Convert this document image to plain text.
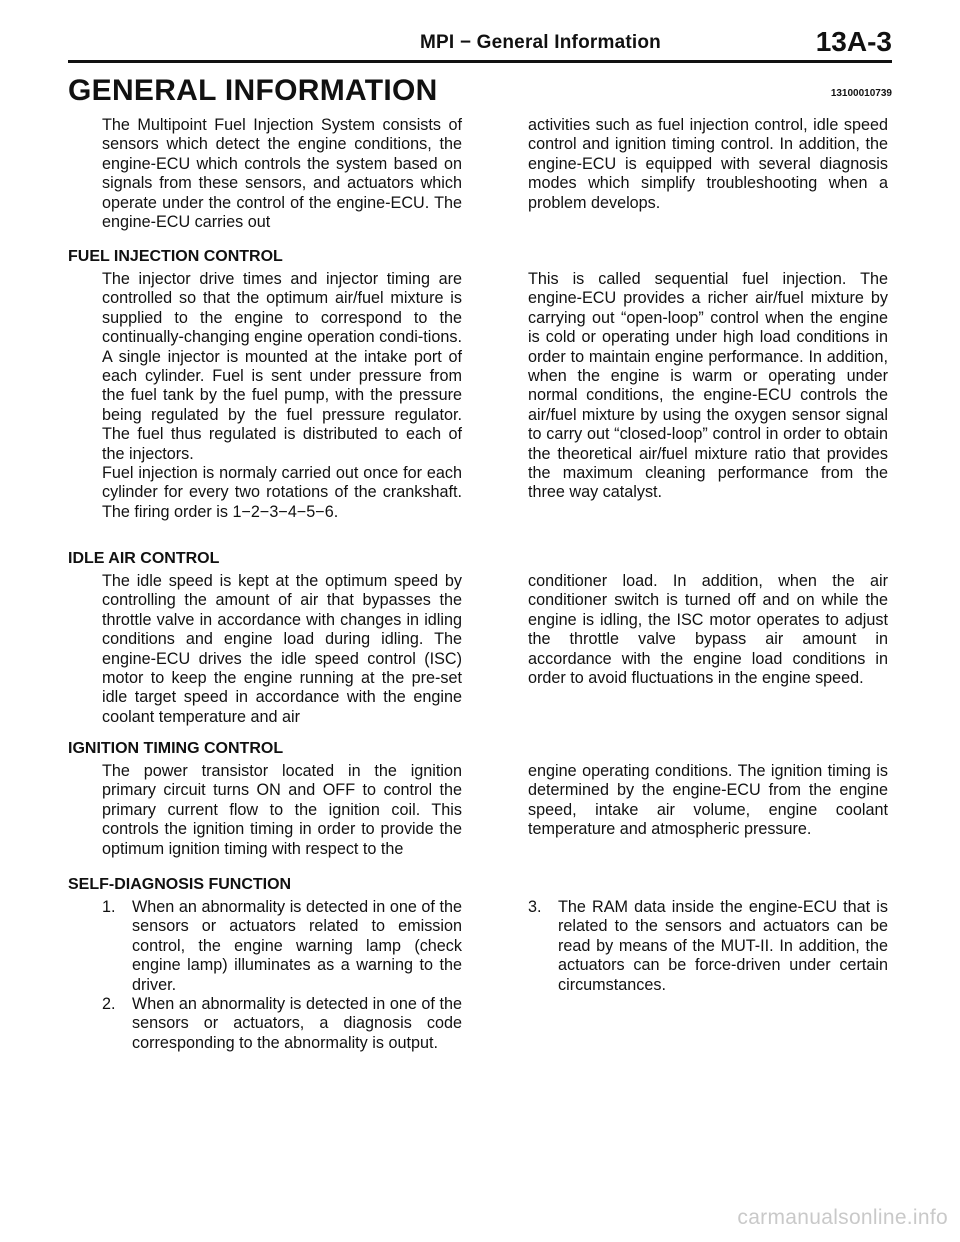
MPI − General Information	13A-3
GENERAL INFORMATION	13100010739

The Multipoint Fuel Injection System consists of sensors which detect the engine conditions, the engine-ECU which controls the system based on signals from these sensors, and actuators which operate under the control of the engine-ECU. The engine-ECU carries out

activities such as fuel injection control, idle speed control and ignition timing control. In addition, the engine-ECU is equipped with several diagnosis modes which simplify troubleshooting when a problem develops.

FUEL INJECTION CONTROL

The injector drive times and injector timing are controlled so that the optimum air/fuel mixture is supplied to the engine to correspond to the continually-changing engine operation condi-tions.

A single injector is mounted at the intake port of each cylinder. Fuel is sent under pressure from the fuel tank by the fuel pump, with the pressure being regulated by the fuel pressure regulator. The fuel thus regulated is distributed to each of the injectors.

Fuel injection is normaly carried out once for each cylinder for every two rotations of the crankshaft. The firing order is 1−2−3−4−5−6.

This is called sequential fuel injection. The engine-ECU provides a richer air/fuel mixture by carrying out “open-loop” control when the engine is cold or operating under high load conditions in order to maintain engine performance. In addition, when the engine is warm or operating under normal conditions, the engine-ECU controls the air/fuel mixture by using the oxygen sensor signal to carry out “closed-loop” control in order to obtain the theoretical air/fuel mixture ratio that provides the maximum cleaning performance from the three way catalyst.

IDLE AIR CONTROL

The idle speed is kept at the optimum speed by controlling the amount of air that bypasses the throttle valve in accordance with changes in idling conditions and engine load during idling. The engine-ECU drives the idle speed control (ISC) motor to keep the engine running at the pre-set idle target speed in accordance with the engine coolant temperature and air

conditioner load. In addition, when the air conditioner switch is turned off and on while the engine is idling, the ISC motor operates to adjust the throttle valve bypass air amount in accordance with the engine load conditions in order to avoid fluctuations in the engine speed.

IGNITION TIMING CONTROL

The power transistor located in the ignition primary circuit turns ON and OFF to control the primary current flow to the ignition coil. This controls the ignition timing in order to provide the optimum ignition timing with respect to the

engine operating conditions. The ignition timing is determined by the engine-ECU from the engine speed, intake air volume, engine coolant temperature and atmospheric pressure.

SELF-DIAGNOSIS FUNCTION
1. When an abnormality is detected in one of the sensors or actuators related to emission control, the engine warning lamp (check engine lamp) illuminates as a warning to the driver.

2. When an abnormality is detected in one of the sensors or actuators, a diagnosis code corresponding to the abnormality is output.

3. The RAM data inside the engine-ECU that is related to the sensors and actuators can be read by means of the MUT-II. In addition, the actuators can be force-driven under certain circumstances.

carmanualsonline.info
